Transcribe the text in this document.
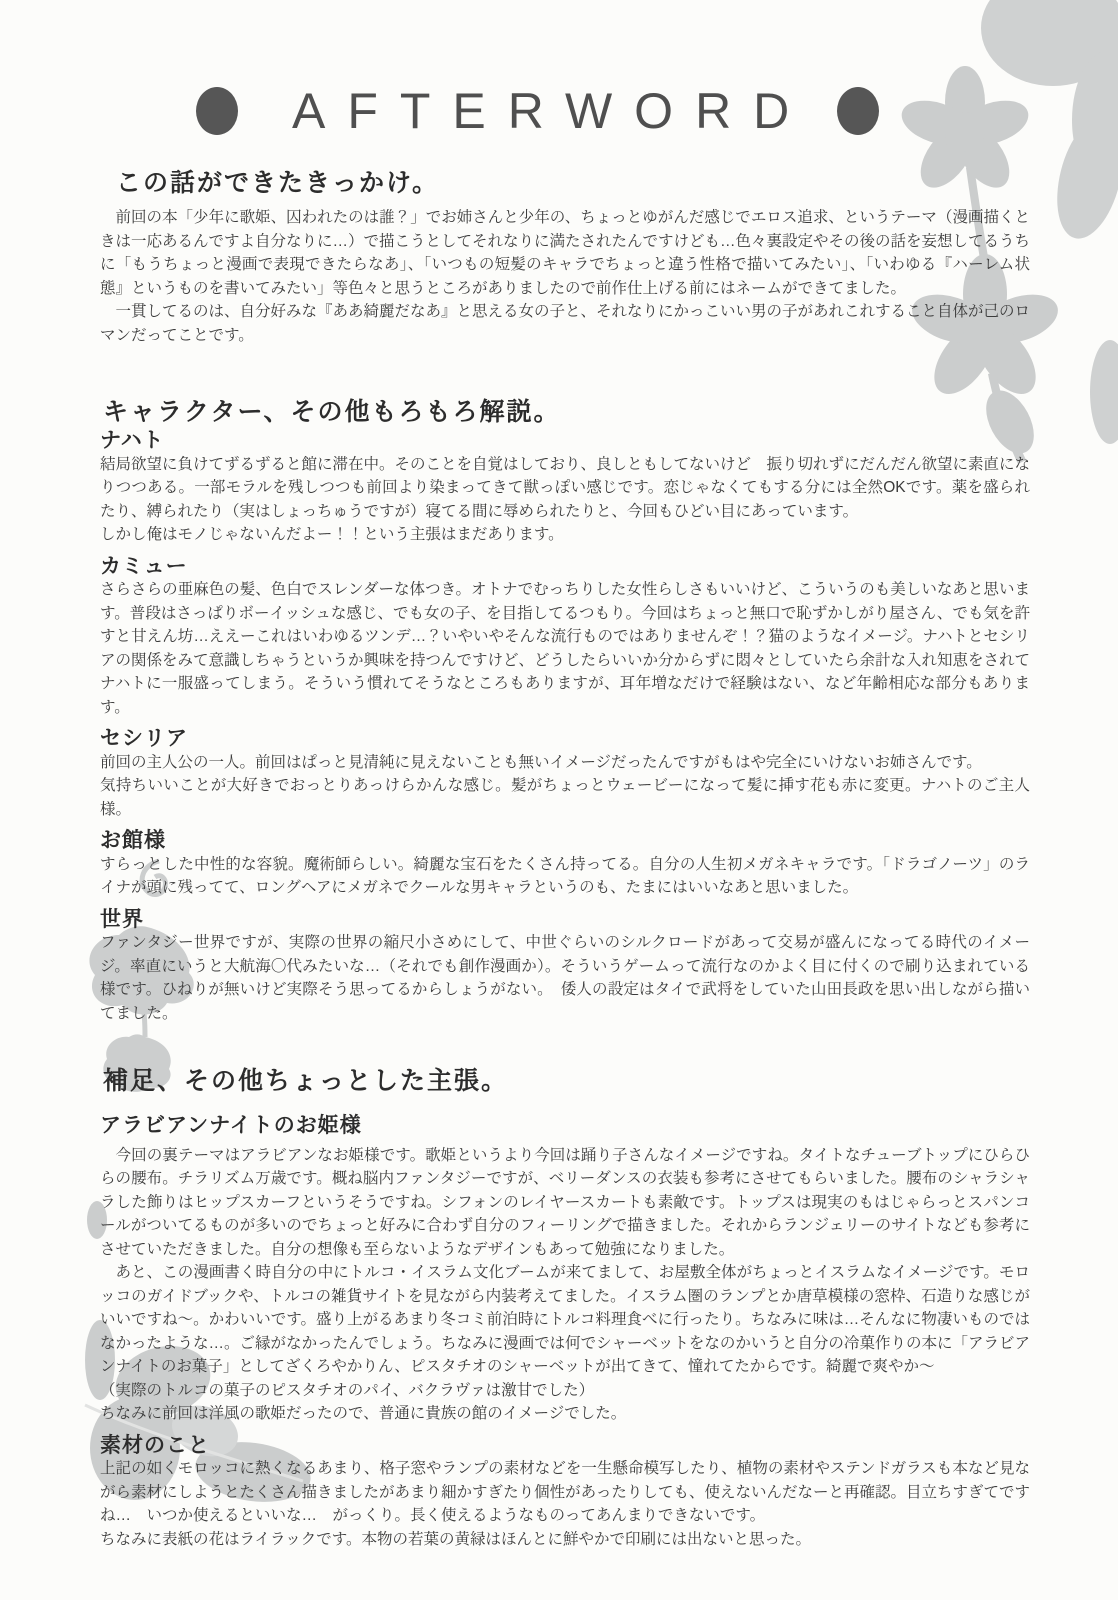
AFTERWORD
この話ができたきっかけ。

　前回の本「少年に歌姫、囚われたのは誰？」でお姉さんと少年の、ちょっとゆがんだ感じでエロス追求、というテーマ（漫画描くときは一応あるんですよ自分なりに…）で描こうとしてそれなりに満たされたんですけども…色々裏設定やその後の話を妄想してるうちに「もうちょっと漫画で表現できたらなあ」、「いつもの短髪のキャラでちょっと違う性格で描いてみたい」、「いわゆる『ハーレム状態』というものを書いてみたい」等色々と思うところがありましたので前作仕上げる前にはネームができてました。

　一貫してるのは、自分好みな『ああ綺麗だなあ』と思える女の子と、それなりにかっこいい男の子があれこれすること自体が己のロマンだってことです。

キャラクター、その他もろもろ解説。
ナハト

結局欲望に負けてずるずると館に滞在中。そのことを自覚はしており、良しともしてないけど　振り切れずにだんだん欲望に素直になりつつある。一部モラルを残しつつも前回より染まってきて獣っぽい感じです。恋じゃなくてもする分には全然OKです。薬を盛られたり、縛られたり（実はしょっちゅうですが）寝てる間に辱められたりと、今回もひどい目にあっています。

しかし俺はモノじゃないんだよー！！という主張はまだあります。

カミュー

さらさらの亜麻色の髪、色白でスレンダーな体つき。オトナでむっちりした女性らしさもいいけど、こういうのも美しいなあと思います。普段はさっぱりボーイッシュな感じ、でも女の子、を目指してるつもり。今回はちょっと無口で恥ずかしがり屋さん、でも気を許すと甘えん坊…ええーこれはいわゆるツンデ…？いやいやそんな流行ものではありませんぞ！？猫のようなイメージ。ナハトとセシリアの関係をみて意識しちゃうというか興味を持つんですけど、どうしたらいいか分からずに悶々としていたら余計な入れ知恵をされてナハトに一服盛ってしまう。そういう慣れてそうなところもありますが、耳年増なだけで経験はない、など年齢相応な部分もあります。

セシリア

前回の主人公の一人。前回はぱっと見清純に見えないことも無いイメージだったんですがもはや完全にいけないお姉さんです。

気持ちいいことが大好きでおっとりあっけらかんな感じ。髪がちょっとウェービーになって髪に挿す花も赤に変更。ナハトのご主人様。

お館様

すらっとした中性的な容貌。魔術師らしい。綺麗な宝石をたくさん持ってる。自分の人生初メガネキャラです。「ドラゴノーツ」のライナが頭に残ってて、ロングヘアにメガネでクールな男キャラというのも、たまにはいいなあと思いました。

世界

ファンタジー世界ですが、実際の世界の縮尺小さめにして、中世ぐらいのシルクロードがあって交易が盛んになってる時代のイメージ。率直にいうと大航海〇代みたいな…（それでも創作漫画か）。そういうゲームって流行なのかよく目に付くので刷り込まれている様です。ひねりが無いけど実際そう思ってるからしょうがない。　倭人の設定はタイで武将をしていた山田長政を思い出しながら描いてました。

補足、その他ちょっとした主張。
アラビアンナイトのお姫様

　今回の裏テーマはアラビアンなお姫様です。歌姫というより今回は踊り子さんなイメージですね。タイトなチューブトップにひらひらの腰布。チラリズム万歳です。概ね脳内ファンタジーですが、ベリーダンスの衣装も参考にさせてもらいました。腰布のシャラシャラした飾りはヒップスカーフというそうですね。シフォンのレイヤースカートも素敵です。トップスは現実のもはじゃらっとスパンコールがついてるものが多いのでちょっと好みに合わず自分のフィーリングで描きました。それからランジェリーのサイトなども参考にさせていただきました。自分の想像も至らないようなデザインもあって勉強になりました。

　あと、この漫画書く時自分の中にトルコ・イスラム文化ブームが来てまして、お屋敷全体がちょっとイスラムなイメージです。モロッコのガイドブックや、トルコの雑貨サイトを見ながら内装考えてました。イスラム圏のランプとか唐草模様の窓枠、石造りな感じがいいですね～。かわいいです。盛り上がるあまり冬コミ前泊時にトルコ料理食べに行ったり。ちなみに味は…そんなに物凄いものではなかったような…。ご縁がなかったんでしょう。ちなみに漫画では何でシャーベットをなのかいうと自分の冷菓作りの本に「アラビアンナイトのお菓子」としてざくろやかりん、ピスタチオのシャーベットが出てきて、憧れてたからです。綺麗で爽やか～

（実際のトルコの菓子のピスタチオのパイ、バクラヴァは激甘でした）

ちなみに前回は洋風の歌姫だったので、普通に貴族の館のイメージでした。

素材のこと

上記の如くモロッコに熱くなるあまり、格子窓やランプの素材などを一生懸命模写したり、植物の素材やステンドガラスも本など見ながら素材にしようとたくさん描きましたがあまり細かすぎたり個性があったりしても、使えないんだなーと再確認。目立ちすぎてですね…　いつか使えるといいな…　がっくり。長く使えるようなものってあんまりできないです。

ちなみに表紙の花はライラックです。本物の若葉の黄緑はほんとに鮮やかで印刷には出ないと思った。
